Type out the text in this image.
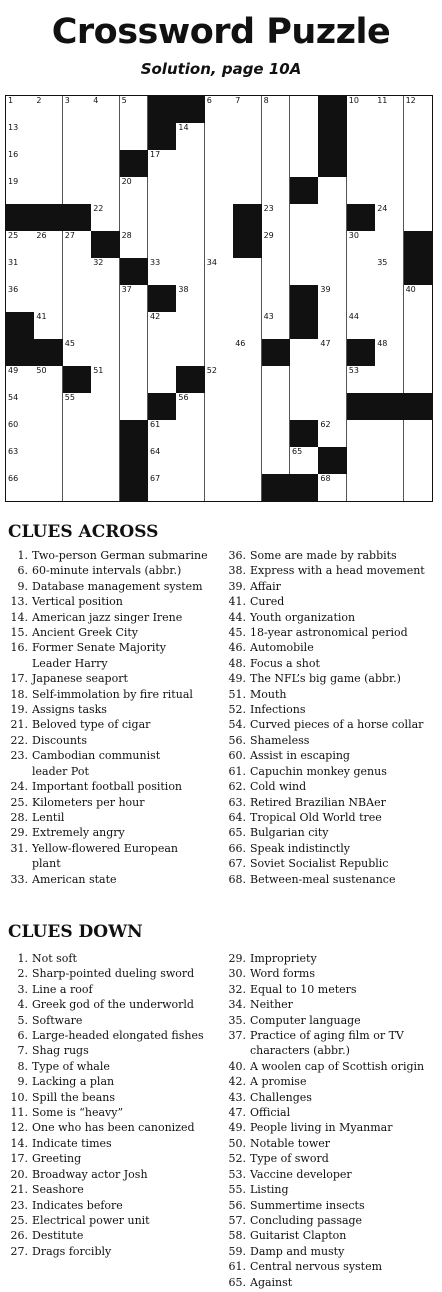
Crossword Puzzle
Solution, page 10A
1	2	3	4	5	6	7	8	10 11 12
13	14
16	17
19	20
22	23	24
25 26 27	28	29	30
31	32	33	34	35
36	37	38	39	40
41	42	43	44
45	46	47	48
49 50	51	52	53
54	55	56
60	61	62
63	64	65
66	67	68
CLUES ACROSS
1. Two-person German submarine
6. 60-minute intervals (abbr.)
9. Database management system
13. Vertical position
14. American jazz singer Irene
15. Ancient Greek City
16. Former Senate Majority
Leader Harry
17. Japanese seaport
18. Self-immolation by fire ritual
19. Assigns tasks
21. Beloved type of cigar
22. Discounts
23. Cambodian communist
leader Pot
24. Important football position
25. Kilometers per hour
28. Lentil
29. Extremely angry
31. Yellow-flowered European
plant
33. American state
36. Some are made by rabbits
38. Express with a head movement
39. Affair
41. Cured
44. Youth organization
45. 18-year astronomical period
46. Automobile
48. Focus a shot
49. The NFL’s big game (abbr.)
51. Mouth
52. Infections
54. Curved pieces of a horse collar
56. Shameless
60. Assist in escaping
61. Capuchin monkey genus
62. Cold wind
63. Retired Brazilian NBAer
64. Tropical Old World tree
65. Bulgarian city
66. Speak indistinctly
67. Soviet Socialist Republic
68. Between-meal sustenance
CLUES DOWN
1. Not soft
2. Sharp-pointed dueling sword
3. Line a roof
4. Greek god of the underworld
5. Software
6. Large-headed elongated fishes
7. Shag rugs
8. Type of whale
9. Lacking a plan
10. Spill the beans
11. Some is “heavy”
12. One who has been canonized
14. Indicate times
17. Greeting
20. Broadway actor Josh
21. Seashore
23. Indicates before
25. Electrical power unit
26. Destitute
27. Drags forcibly
29. Impropriety
30. Word forms
32. Equal to 10 meters
34. Neither
35. Computer language
37. Practice of aging film or TV
characters (abbr.)
40. A woolen cap of Scottish origin
42. A promise
43. Challenges
47. Official
49. People living in Myanmar
50. Notable tower
52. Type of sword
53. Vaccine developer
55. Listing
56. Summertime insects
57. Concluding passage
58. Guitarist Clapton
59. Damp and musty
61. Central nervous system
65. Against
